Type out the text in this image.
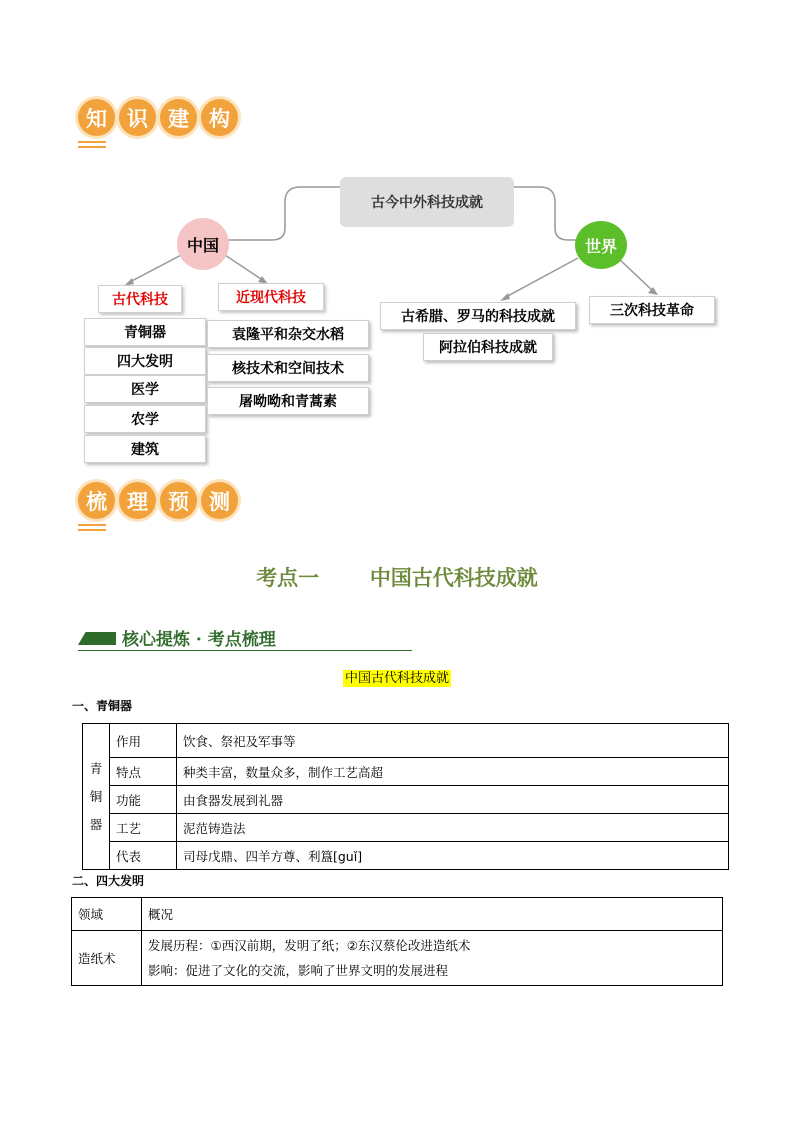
知 识 建 构
古今中外科技成就
中国	世界
古代科技	近现代科技
青铜器
四大发明
医学
农学
建筑
袁隆平和杂交水稻
核技术和空间技术
屠呦呦和青蒿素
古希腊、罗马的科技成就
阿拉伯科技成就
三次科技革命
梳 理 预 测
考点一 中国古代科技成就
核心提炼 · 考点梳理
中国古代科技成就
一、青铜器
青
铜
器	作用	饮食、祭祀及军事等
	特点	种类丰富，数量众多，制作工艺高超
	功能	由食器发展到礼器
	工艺	泥范铸造法
	代表	司母戊鼎、四羊方尊、利簋[guǐ]
二、四大发明
领域	概况
造纸术	发展历程：①西汉前期，发明了纸；②东汉蔡伦改进造纸术
影响：促进了文化的交流，影响了世界文明的发展进程
